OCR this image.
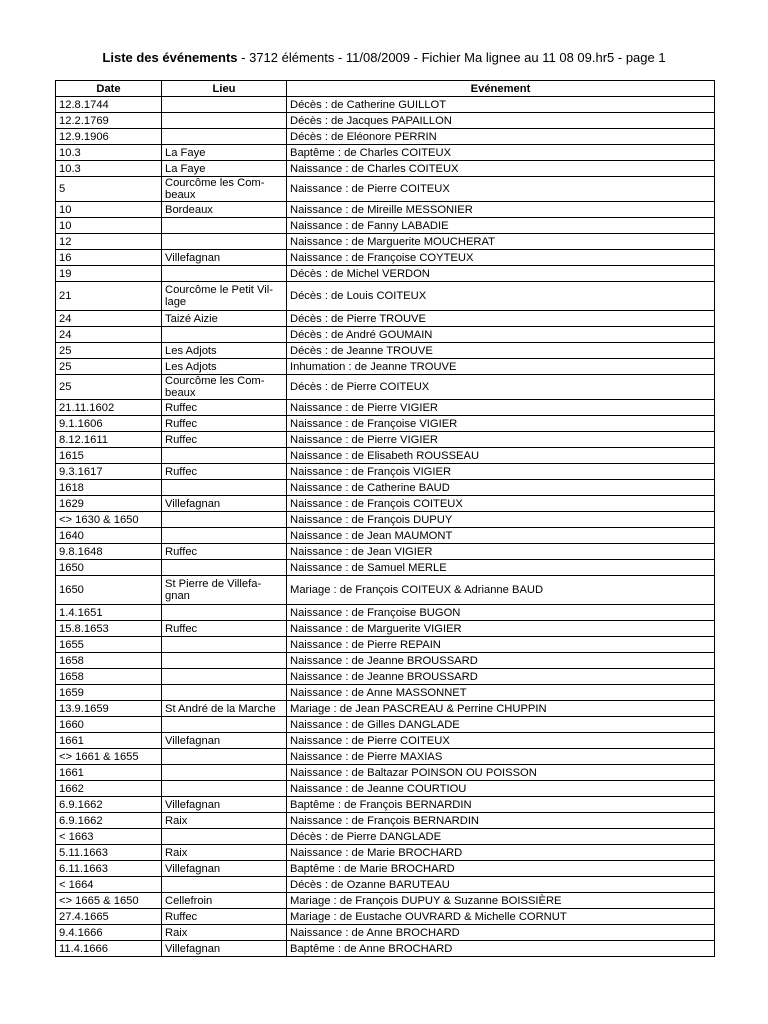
Liste des événements - 3712 éléments - 11/08/2009 - Fichier Ma lignee au 11 08 09.hr5 - page 1
Date	Lieu	Evénement
12.8.1744		Décès : de Catherine GUILLOT
12.2.1769		Décès : de Jacques PAPAILLON
12.9.1906		Décès : de Eléonore PERRIN
10.3	La Faye	Baptême : de Charles COITEUX
10.3	La Faye	Naissance : de Charles COITEUX
5	Courcôme les Com-beaux	Naissance : de Pierre COITEUX
10	Bordeaux	Naissance : de Mireille MESSONIER
10		Naissance : de Fanny LABADIE
12		Naissance : de Marguerite MOUCHERAT
16	Villefagnan	Naissance : de Françoise COYTEUX
19		Décès : de Michel VERDON
21	Courcôme le Petit Vil-lage	Décès : de Louis COITEUX
24	Taizé Aizie	Décès : de Pierre TROUVE
24		Décès : de André GOUMAIN
25	Les Adjots	Décès : de Jeanne TROUVE
25	Les Adjots	Inhumation : de Jeanne TROUVE
25	Courcôme les Com-beaux	Décès : de Pierre COITEUX
21.11.1602	Ruffec	Naissance : de Pierre VIGIER
9.1.1606	Ruffec	Naissance : de Françoise VIGIER
8.12.1611	Ruffec	Naissance : de Pierre VIGIER
1615		Naissance : de Elisabeth ROUSSEAU
9.3.1617	Ruffec	Naissance : de François VIGIER
1618		Naissance : de Catherine BAUD
1629	Villefagnan	Naissance : de François COITEUX
<> 1630 & 1650		Naissance : de François DUPUY
1640		Naissance : de Jean MAUMONT
9.8.1648	Ruffec	Naissance : de Jean VIGIER
1650		Naissance : de Samuel MERLE
1650	St Pierre de Villefa-gnan	Mariage : de François COITEUX & Adrianne BAUD
1.4.1651		Naissance : de Françoise BUGON
15.8.1653	Ruffec	Naissance : de Marguerite VIGIER
1655		Naissance : de Pierre REPAIN
1658		Naissance : de Jeanne BROUSSARD
1658		Naissance : de Jeanne BROUSSARD
1659		Naissance : de Anne MASSONNET
13.9.1659	St André de la Marche	Mariage : de Jean PASCREAU & Perrine CHUPPIN
1660		Naissance : de Gilles DANGLADE
1661	Villefagnan	Naissance : de Pierre COITEUX
<> 1661 & 1655		Naissance : de Pierre MAXIAS
1661		Naissance : de Baltazar POINSON OU POISSON
1662		Naissance : de Jeanne COURTIOU
6.9.1662	Villefagnan	Baptême : de François BERNARDIN
6.9.1662	Raix	Naissance : de François BERNARDIN
< 1663		Décès : de Pierre DANGLADE
5.11.1663	Raix	Naissance : de Marie BROCHARD
6.11.1663	Villefagnan	Baptême : de Marie BROCHARD
< 1664		Décès : de Ozanne BARUTEAU
<> 1665 & 1650	Cellefroin	Mariage : de François DUPUY & Suzanne BOISSIÈRE
27.4.1665	Ruffec	Mariage : de Eustache OUVRARD & Michelle CORNUT
9.4.1666	Raix	Naissance : de Anne BROCHARD
11.4.1666	Villefagnan	Baptême : de Anne BROCHARD
